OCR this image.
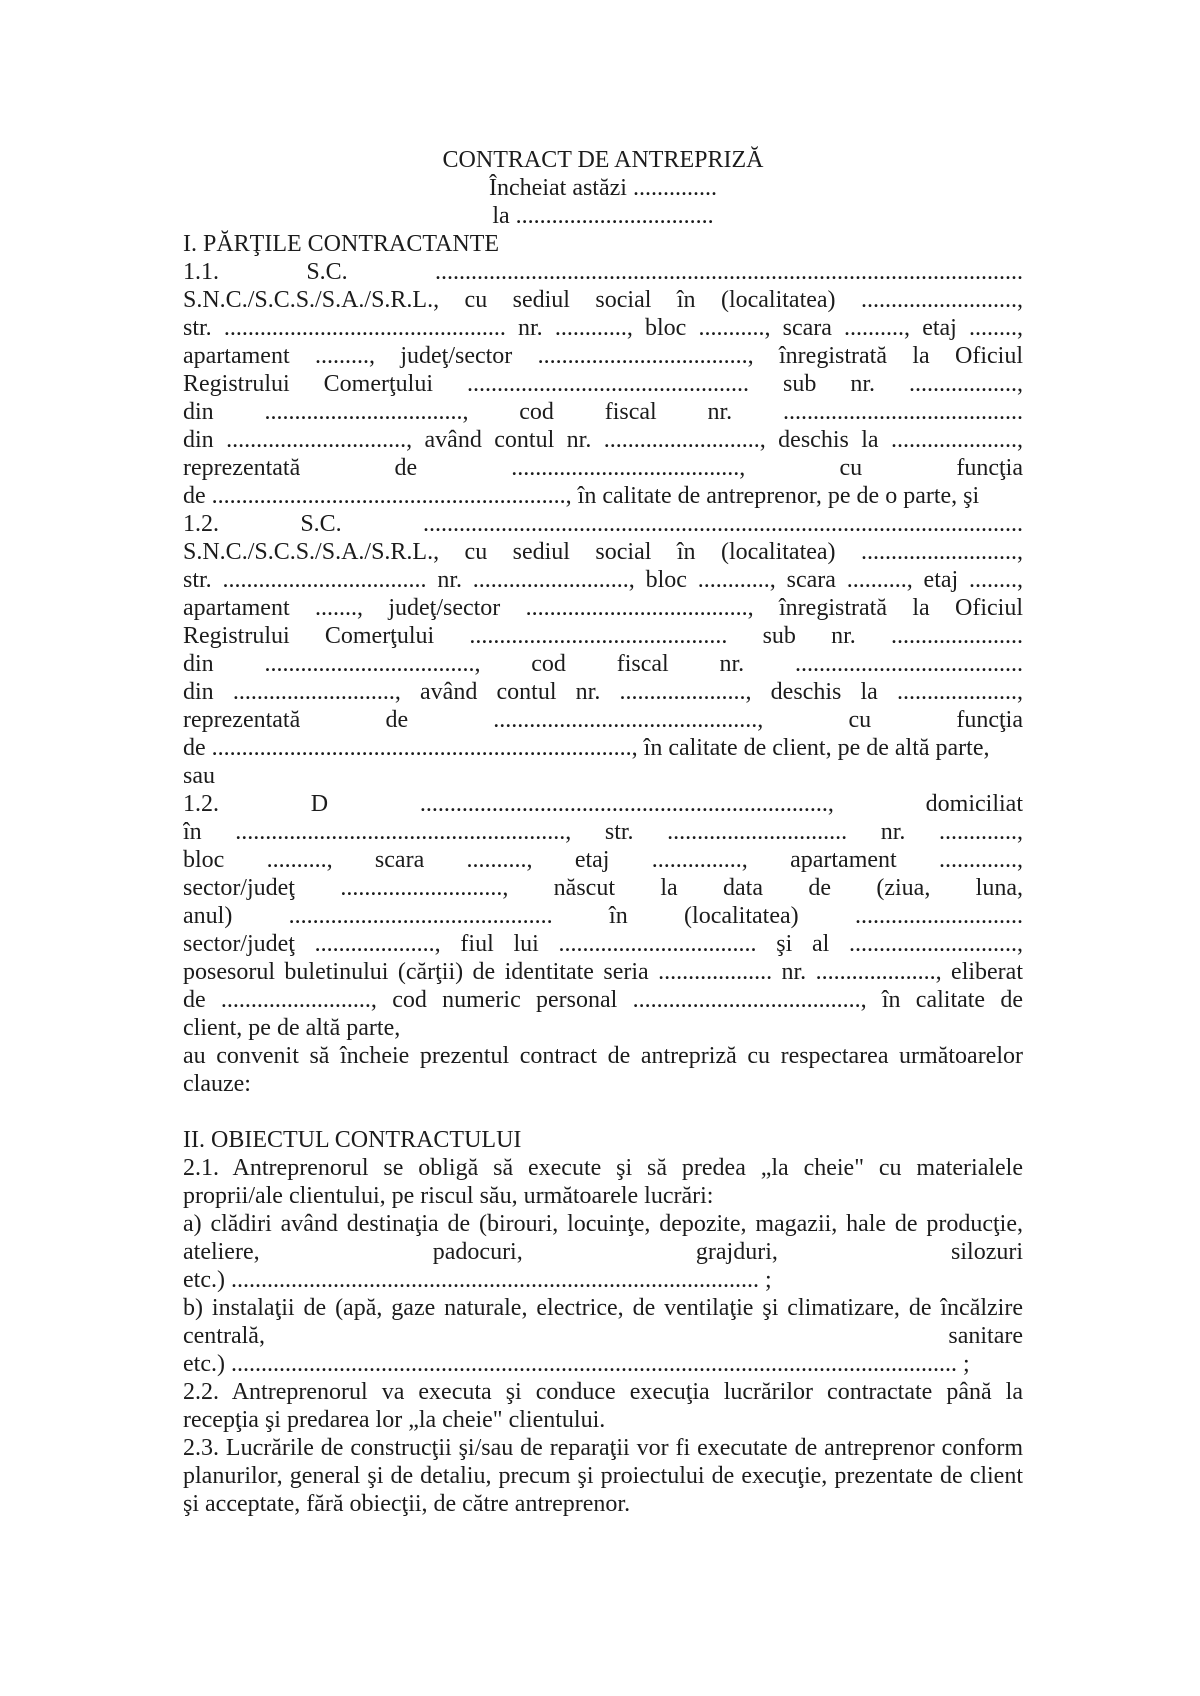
CONTRACT DE ANTREPRIZĂ
Încheiat astăzi ..............
la .................................
I. PĂRŢILE CONTRACTANTE
1.1. S.C. ..................................................................................................
S.N.C./S.C.S./S.A./S.R.L., cu sediul social în (localitatea) ..........................,
str. ............................................... nr. ............, bloc ..........., scara .........., etaj ........,
apartament ........., judeţ/sector ..................................., înregistrată la Oficiul
Registrului Comerţului ............................................... sub nr. ..................,
din ................................., cod fiscal nr. ........................................
din .............................., având contul nr. .........................., deschis la .....................,
reprezentată de ......................................, cu funcţia
de ..........................................................., în calitate de antreprenor, pe de o parte, şi
1.2. S.C. ....................................................................................................
S.N.C./S.C.S./S.A./S.R.L., cu sediul social în (localitatea) ..........................,
str. .................................. nr. .........................., bloc ............, scara .........., etaj ........,
apartament ......., judeţ/sector ....................................., înregistrată la Oficiul
Registrului Comerţului ........................................... sub nr. ......................
din ..................................., cod fiscal nr. ......................................
din ..........................., având contul nr. ....................., deschis la ....................,
reprezentată de ............................................, cu funcţia
de ......................................................................, în calitate de client, pe de altă parte,
sau
1.2. D ...................................................................., domiciliat
în ......................................................., str. .............................. nr. .............,
bloc .........., scara .........., etaj ..............., apartament .............,
sector/judeţ ..........................., născut la data de (ziua, luna,
anul) ............................................ în (localitatea) ............................
sector/judeţ ...................., fiul lui ................................. şi al ............................,
posesorul buletinului (cărţii) de identitate seria ................... nr. ...................., eliberat
de ........................., cod numeric personal ......................................, în calitate de
client, pe de altă parte,
au convenit să încheie prezentul contract de antrepriză cu respectarea următoarelor
clauze:
II. OBIECTUL CONTRACTULUI
2.1. Antreprenorul se obligă să execute şi să predea „la cheie" cu materialele
proprii/ale clientului, pe riscul său, următoarele lucrări:
a) clădiri având destinaţia de (birouri, locuinţe, depozite, magazii, hale de producţie,
ateliere, padocuri, grajduri, silozuri
etc.) ........................................................................................ ;
b) instalaţii de (apă, gaze naturale, electrice, de ventilaţie şi climatizare, de încălzire
centrală, sanitare
etc.) ......................................................................................................................... ;
2.2. Antreprenorul va executa şi conduce execuţia lucrărilor contractate până la
recepţia şi predarea lor „la cheie" clientului.
2.3. Lucrările de construcţii şi/sau de reparaţii vor fi executate de antreprenor conform
planurilor, general şi de detaliu, precum şi proiectului de execuţie, prezentate de client
şi acceptate, fără obiecţii, de către antreprenor.
